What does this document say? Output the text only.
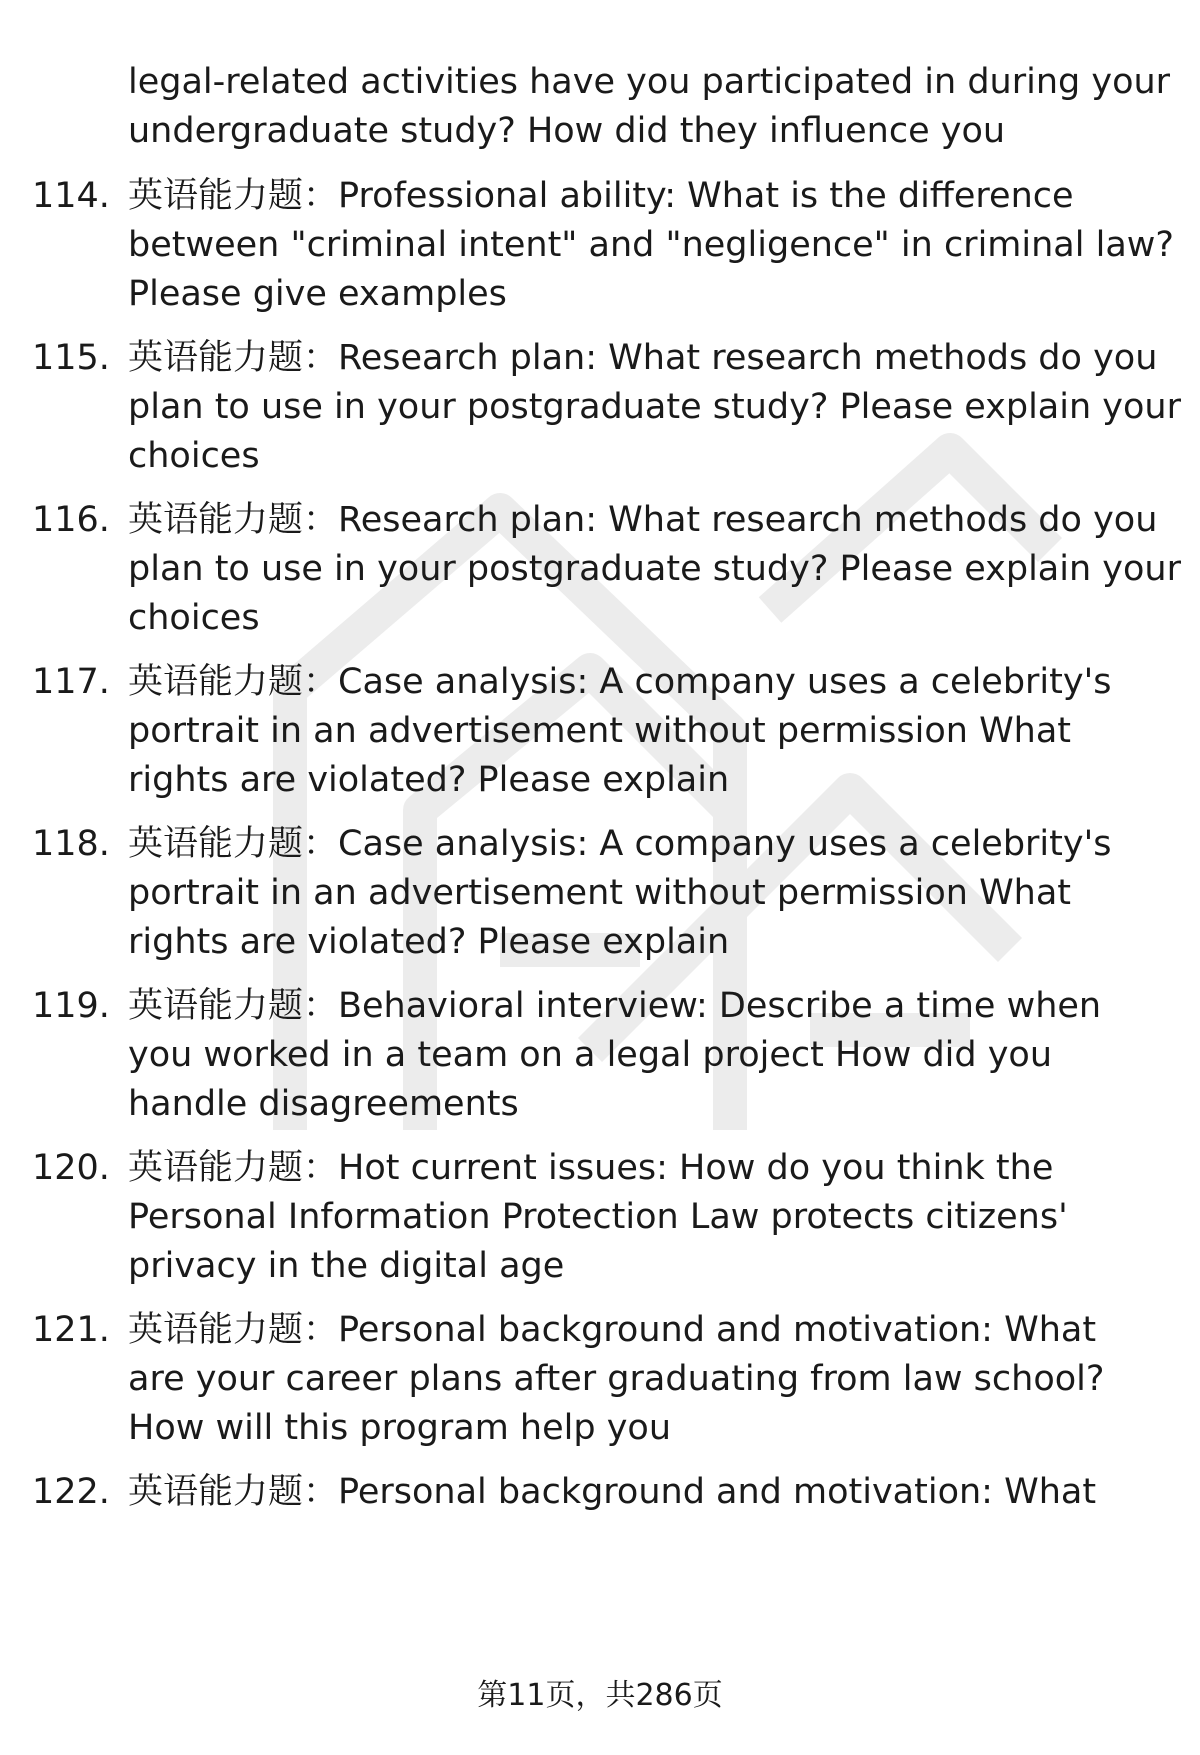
legal-related activities have you participated in during your
undergraduate study? How did they influence you
114. 英语能力题：Professional ability: What is the difference
between "criminal intent" and "negligence" in criminal law?
Please give examples
115. 英语能力题：Research plan: What research methods do you
plan to use in your postgraduate study? Please explain your
choices
116. 英语能力题：Research plan: What research methods do you
plan to use in your postgraduate study? Please explain your
choices
117. 英语能力题：Case analysis: A company uses a celebrity's
portrait in an advertisement without permission What
rights are violated? Please explain
118. 英语能力题：Case analysis: A company uses a celebrity's
portrait in an advertisement without permission What
rights are violated? Please explain
119. 英语能力题：Behavioral interview: Describe a time when
you worked in a team on a legal project How did you
handle disagreements
120. 英语能力题：Hot current issues: How do you think the
Personal Information Protection Law protects citizens'
privacy in the digital age
121. 英语能力题：Personal background and motivation: What
are your career plans after graduating from law school?
How will this program help you
122. 英语能力题：Personal background and motivation: What
第11页，共286页
